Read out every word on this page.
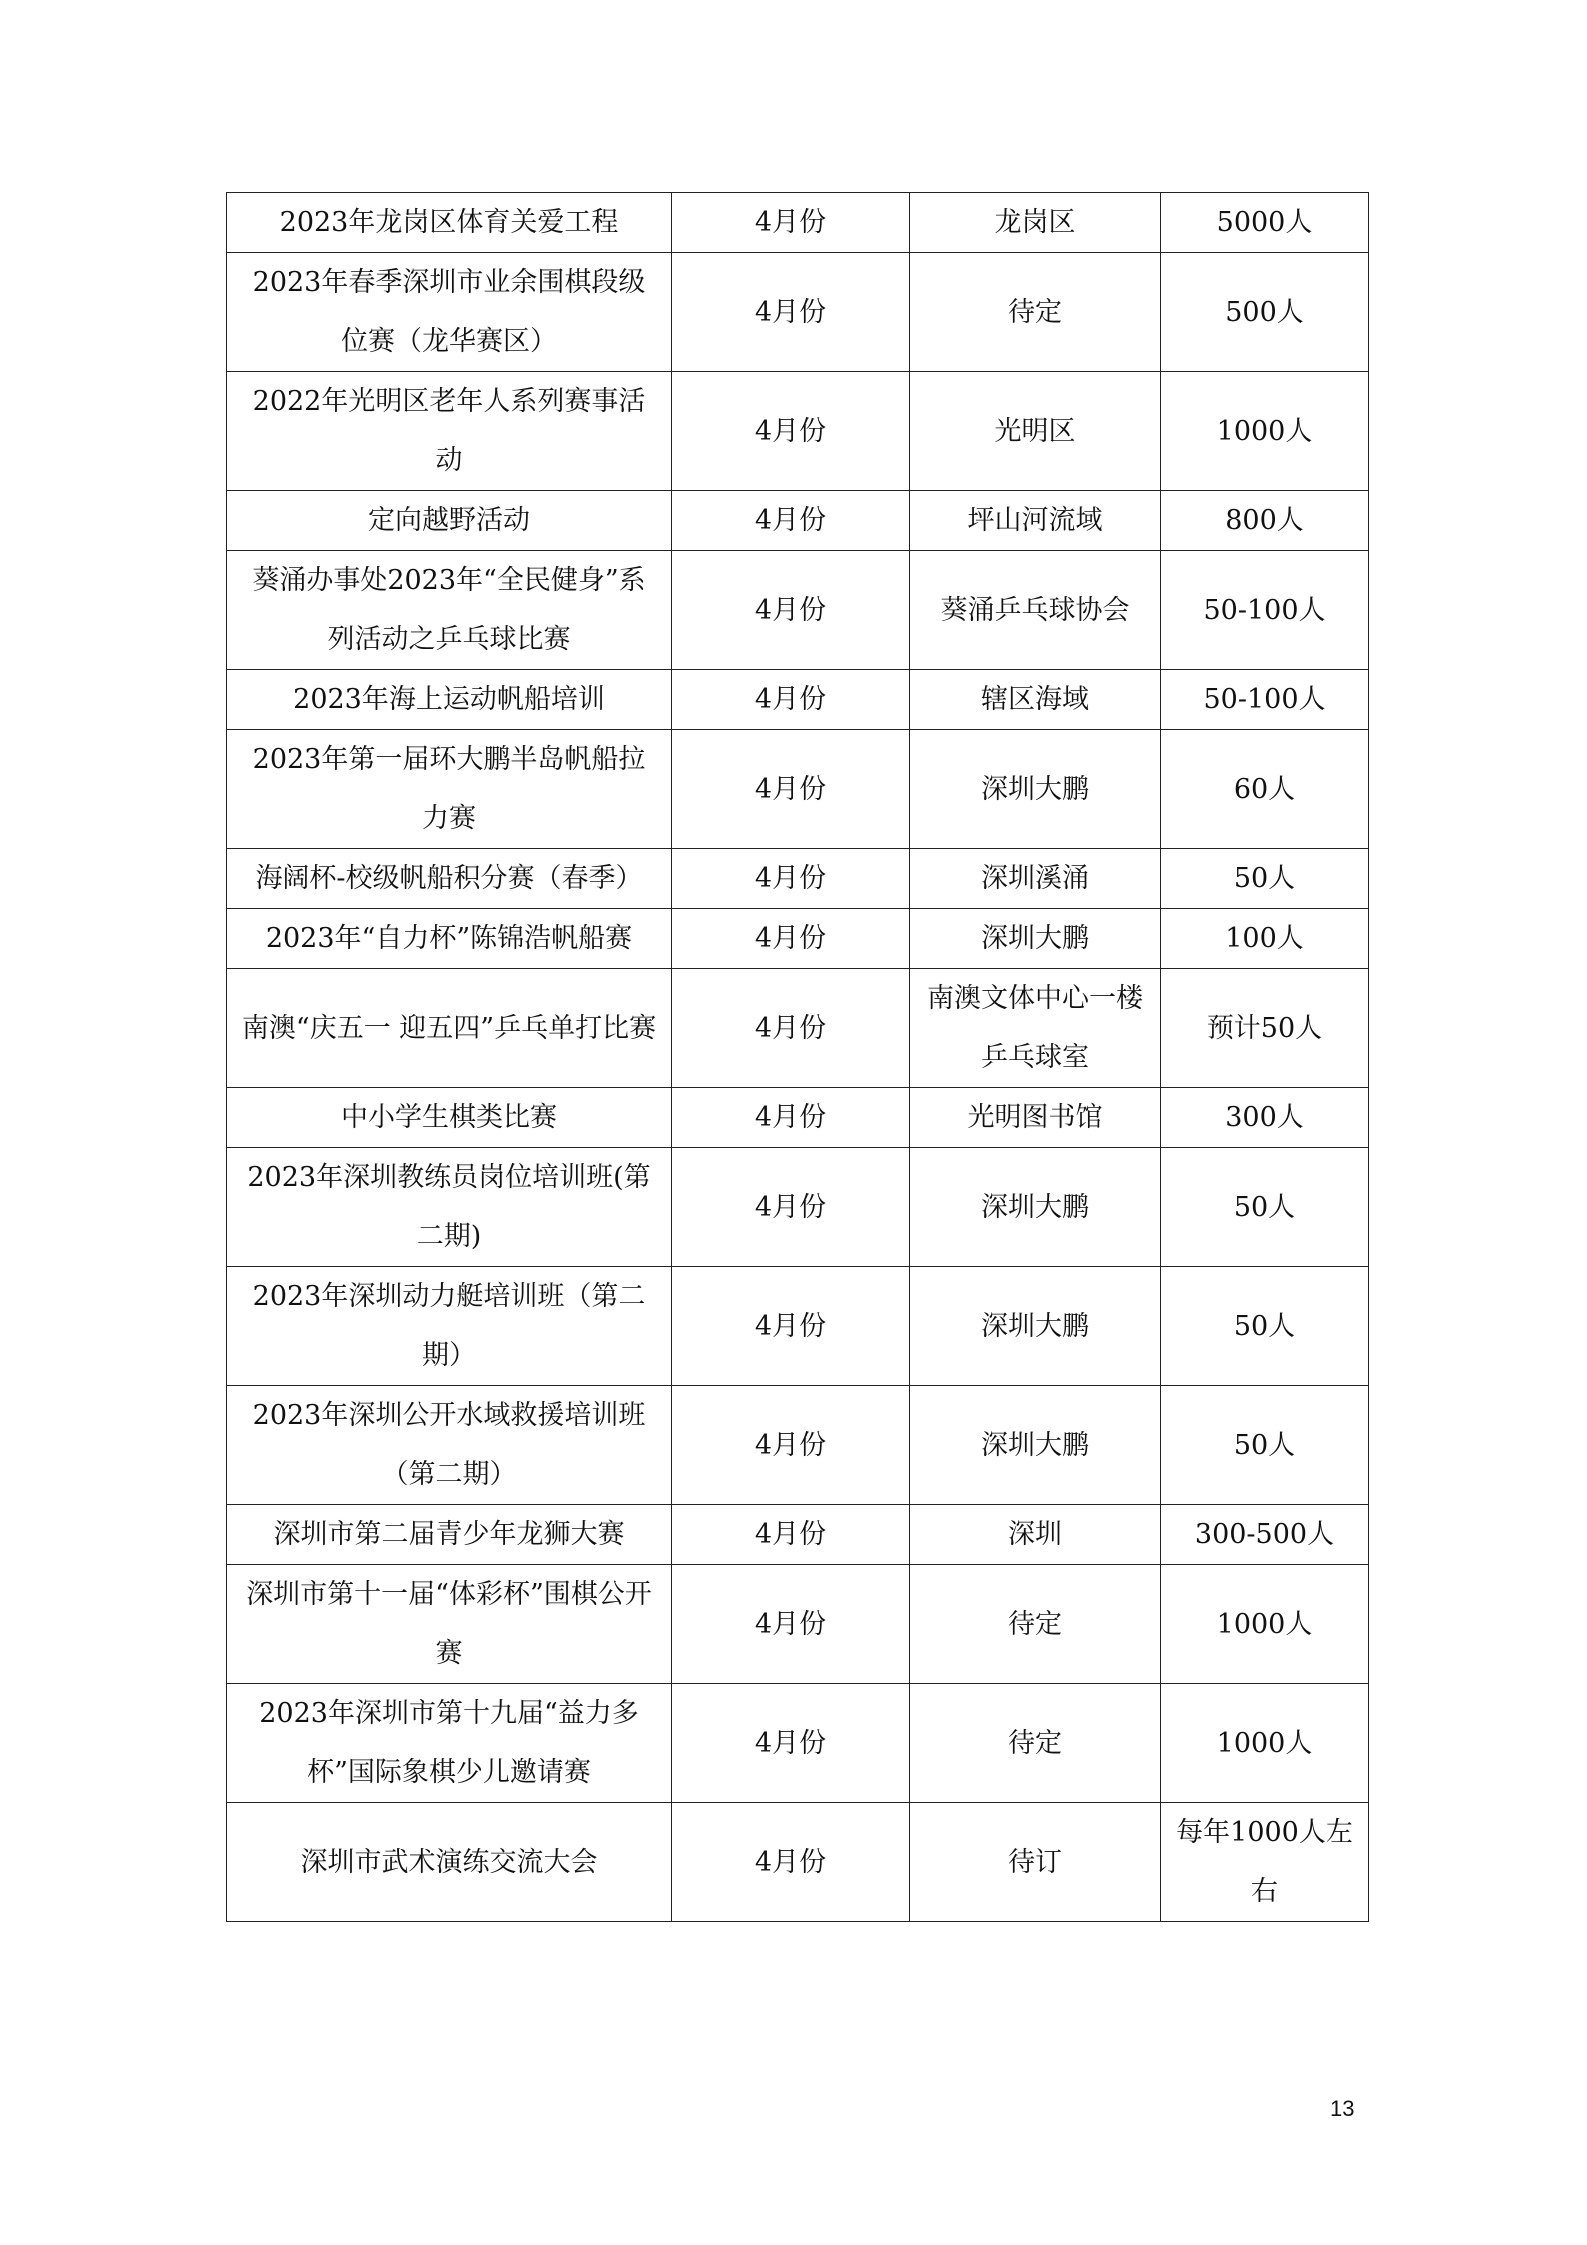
2023年龙岗区体育关爱工程	4月份	龙岗区	5000人
2023年春季深圳市业余围棋段级位赛（龙华赛区）	4月份	待定	500人
2022年光明区老年人系列赛事活动	4月份	光明区	1000人
定向越野活动	4月份	坪山河流域	800人
葵涌办事处2023年“全民健身”系列活动之乒乓球比赛	4月份	葵涌乒乓球协会	50-100人
2023年海上运动帆船培训	4月份	辖区海域	50-100人
2023年第一届环大鹏半岛帆船拉力赛	4月份	深圳大鹏	60人
海阔杯-校级帆船积分赛（春季）	4月份	深圳溪涌	50人
2023年“自力杯”陈锦浩帆船赛	4月份	深圳大鹏	100人
南澳“庆五一 迎五四”乒乓单打比赛	4月份	南澳文体中心一楼乒乓球室	预计50人
中小学生棋类比赛	4月份	光明图书馆	300人
2023年深圳教练员岗位培训班(第二期)	4月份	深圳大鹏	50人
2023年深圳动力艇培训班（第二期）	4月份	深圳大鹏	50人
2023年深圳公开水域救援培训班（第二期）	4月份	深圳大鹏	50人
深圳市第二届青少年龙狮大赛	4月份	深圳	300-500人
深圳市第十一届“体彩杯”围棋公开赛	4月份	待定	1000人
2023年深圳市第十九届“益力多杯”国际象棋少儿邀请赛	4月份	待定	1000人
深圳市武术演练交流大会	4月份	待订	每年1000人左右
13
